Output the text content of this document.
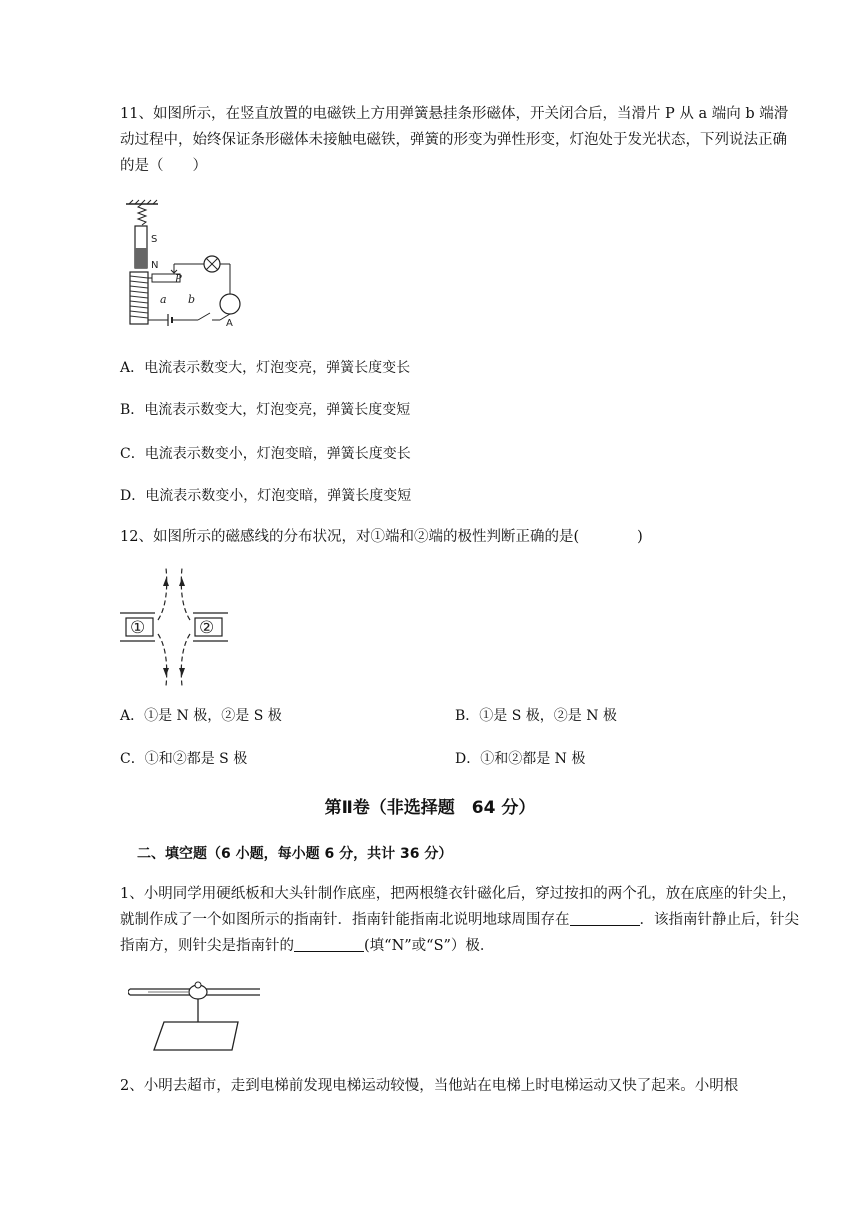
11、如图所示，在竖直放置的电磁铁上方用弹簧悬挂条形磁体，开关闭合后，当滑片 P 从 a 端向 b 端滑动过程中，始终保证条形磁体未接触电磁铁，弹簧的形变为弹性形变，灯泡处于发光状态，下列说法正确的是（　　）
S
N
P
A
a b
A．电流表示数变大，灯泡变亮，弹簧长度变长
B．电流表示数变大，灯泡变亮，弹簧长度变短
C．电流表示数变小，灯泡变暗，弹簧长度变长
D．电流表示数变小，灯泡变暗，弹簧长度变短
12、如图所示的磁感线的分布状况，对①端和②端的极性判断正确的是(　　　　)
①	②
A．①是 N 极，②是 S 极	B．①是 S 极，②是 N 极
C．①和②都是 S 极	D．①和②都是 N 极
第Ⅱ卷（非选择题　64 分）
二、填空题（6 小题，每小题 6 分，共计 36 分）
1、小明同学用硬纸板和大头针制作底座，把两根缝衣针磁化后，穿过按扣的两个孔，放在底座的针尖上，就制作成了一个如图所示的指南针．指南针能指南北说明地球周围存在	．该指南针静止后，针尖指南方，则针尖是指南针的	(填“N”或“S”）极．
2、小明去超市，走到电梯前发现电梯运动较慢，当他站在电梯上时电梯运动又快了起来。小明根
